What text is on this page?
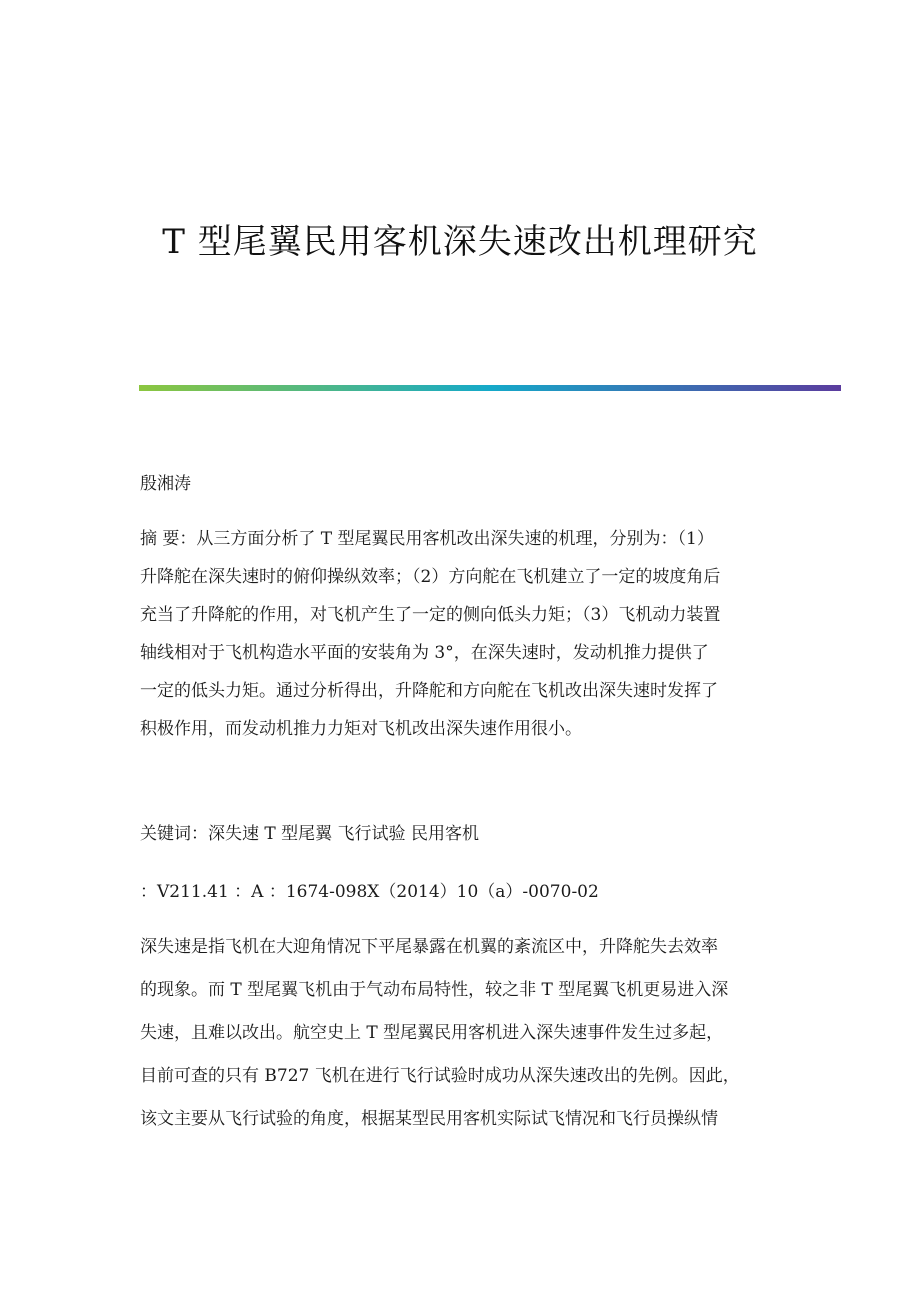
T 型尾翼民用客机深失速改出机理研究
殷湘涛
摘 要：从三方面分析了 T 型尾翼民用客机改出深失速的机理，分别为：（1）
升降舵在深失速时的俯仰操纵效率；（2）方向舵在飞机建立了一定的坡度角后
充当了升降舵的作用，对飞机产生了一定的侧向低头力矩；（3）飞机动力装置
轴线相对于飞机构造水平面的安装角为 3°，在深失速时，发动机推力提供了
一定的低头力矩。通过分析得出，升降舵和方向舵在飞机改出深失速时发挥了
积极作用，而发动机推力力矩对飞机改出深失速作用很小。
关键词：深失速 T 型尾翼 飞行试验 民用客机
：V211.41 ：A ：1674-098X（2014）10（a）-0070-02
深失速是指飞机在大迎角情况下平尾暴露在机翼的紊流区中，升降舵失去效率
的现象。而 T 型尾翼飞机由于气动布局特性，较之非 T 型尾翼飞机更易进入深
失速，且难以改出。航空史上 T 型尾翼民用客机进入深失速事件发生过多起，
目前可查的只有 B727 飞机在进行飞行试验时成功从深失速改出的先例。因此，
该文主要从飞行试验的角度，根据某型民用客机实际试飞情况和飞行员操纵情
